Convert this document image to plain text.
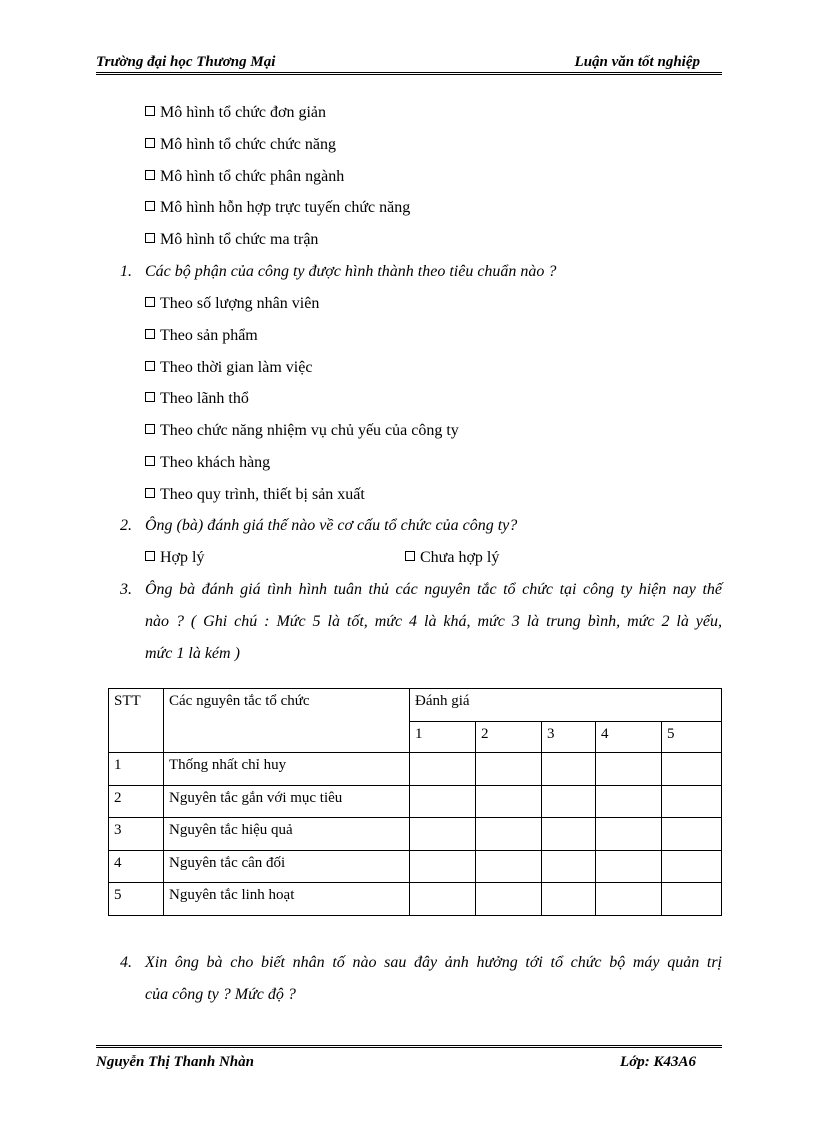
Trường đại học Thương Mại	Luận văn tốt nghiệp
Mô hình tổ chức đơn giản
Mô hình tổ chức chức năng
Mô hình tổ chức phân ngành
Mô hình hỗn hợp trực tuyến chức năng
Mô hình tổ chức ma trận
1. Các bộ phận của công ty được hình thành theo tiêu chuẩn nào ?
Theo số lượng nhân viên
Theo sản phẩm
Theo thời gian làm việc
Theo lãnh thổ
Theo chức năng nhiệm vụ chủ yếu của công ty
Theo khách hàng
Theo quy trình, thiết bị sản xuất
2. Ông (bà) đánh giá thế nào về cơ cấu tổ chức của công ty?
Hợp lý	Chưa hợp lý
3. Ông bà đánh giá tình hình tuân thủ các nguyên tắc tổ chức tại công ty hiện nay thế
nào ? ( Ghi chú : Mức 5 là tốt, mức 4 là khá, mức 3 là trung bình, mức 2 là yếu,
mức 1 là kém )
4. Xin ông bà cho biết nhân tố nào sau đây ảnh hưởng tới tổ chức bộ máy quản trị
của công ty ? Mức độ ?
STT	Các nguyên tắc tổ chức	Đánh giá				
		1	2	3	4	5
1	Thống nhất chỉ huy					
2	Nguyên tắc gắn với mục tiêu					
3	Nguyên tắc hiệu quả					
4	Nguyên tắc cân đối					
5	Nguyên tắc linh hoạt					
Nguyễn Thị Thanh Nhàn	Lớp: K43A6
